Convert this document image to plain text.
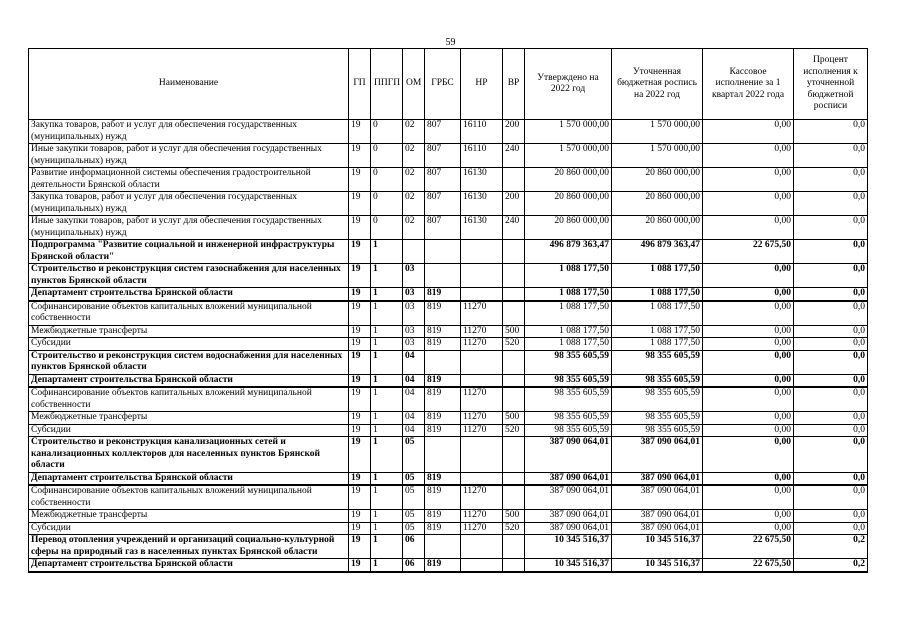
59
Наименование	ГП	ППГП	ОМ	ГРБС	НР	ВР	Утверждено на 2022 год	Уточненная бюджетная роспись на 2022 год	Кассовое исполнение за 1 квартал 2022 года	Процент исполнения к уточненной бюджетной росписи
Закупка товаров, работ и услуг для обеспечения государственных (муниципальных) нужд	19	0	02	807	16110	200	1 570 000,00	1 570 000,00	0,00	0,0
Иные закупки товаров, работ и услуг для обеспечения государственных (муниципальных) нужд	19	0	02	807	16110	240	1 570 000,00	1 570 000,00	0,00	0,0
Развитие информационной системы обеспечения градостроительной деятельности Брянской области	19	0	02	807	16130		20 860 000,00	20 860 000,00	0,00	0,0
Закупка товаров, работ и услуг для обеспечения государственных (муниципальных) нужд	19	0	02	807	16130	200	20 860 000,00	20 860 000,00	0,00	0,0
Иные закупки товаров, работ и услуг для обеспечения государственных (муниципальных) нужд	19	0	02	807	16130	240	20 860 000,00	20 860 000,00	0,00	0,0
Подпрограмма "Развитие социальной и инженерной инфраструктуры Брянской области"	19	1					496 879 363,47	496 879 363,47	22 675,50	0,0
Строительство и реконструкция систем газоснабжения для населенных пунктов Брянской области	19	1	03				1 088 177,50	1 088 177,50	0,00	0,0
Департамент строительства Брянской области	19	1	03	819			1 088 177,50	1 088 177,50	0,00	0,0
Софинансирование объектов капитальных вложений муниципальной собственности	19	1	03	819	11270		1 088 177,50	1 088 177,50	0,00	0,0
Межбюджетные трансферты	19	1	03	819	11270	500	1 088 177,50	1 088 177,50	0,00	0,0
Субсидии	19	1	03	819	11270	520	1 088 177,50	1 088 177,50	0,00	0,0
Строительство и реконструкция систем водоснабжения для населенных пунктов Брянской области	19	1	04				98 355 605,59	98 355 605,59	0,00	0,0
Департамент строительства Брянской области	19	1	04	819			98 355 605,59	98 355 605,59	0,00	0,0
Софинансирование объектов капитальных вложений муниципальной собственности	19	1	04	819	11270		98 355 605,59	98 355 605,59	0,00	0,0
Межбюджетные трансферты	19	1	04	819	11270	500	98 355 605,59	98 355 605,59	0,00	0,0
Субсидии	19	1	04	819	11270	520	98 355 605,59	98 355 605,59	0,00	0,0
Строительство и реконструкция канализационных сетей и канализационных коллекторов для населенных пунктов Брянской области	19	1	05				387 090 064,01	387 090 064,01	0,00	0,0
Департамент строительства Брянской области	19	1	05	819			387 090 064,01	387 090 064,01	0,00	0,0
Софинансирование объектов капитальных вложений муниципальной собственности	19	1	05	819	11270		387 090 064,01	387 090 064,01	0,00	0,0
Межбюджетные трансферты	19	1	05	819	11270	500	387 090 064,01	387 090 064,01	0,00	0,0
Субсидии	19	1	05	819	11270	520	387 090 064,01	387 090 064,01	0,00	0,0
Перевод отопления учреждений и организаций социально-культурной сферы на природный газ в населенных пунктах Брянской области	19	1	06				10 345 516,37	10 345 516,37	22 675,50	0,2
Департамент строительства Брянской области	19	1	06	819			10 345 516,37	10 345 516,37	22 675,50	0,2
